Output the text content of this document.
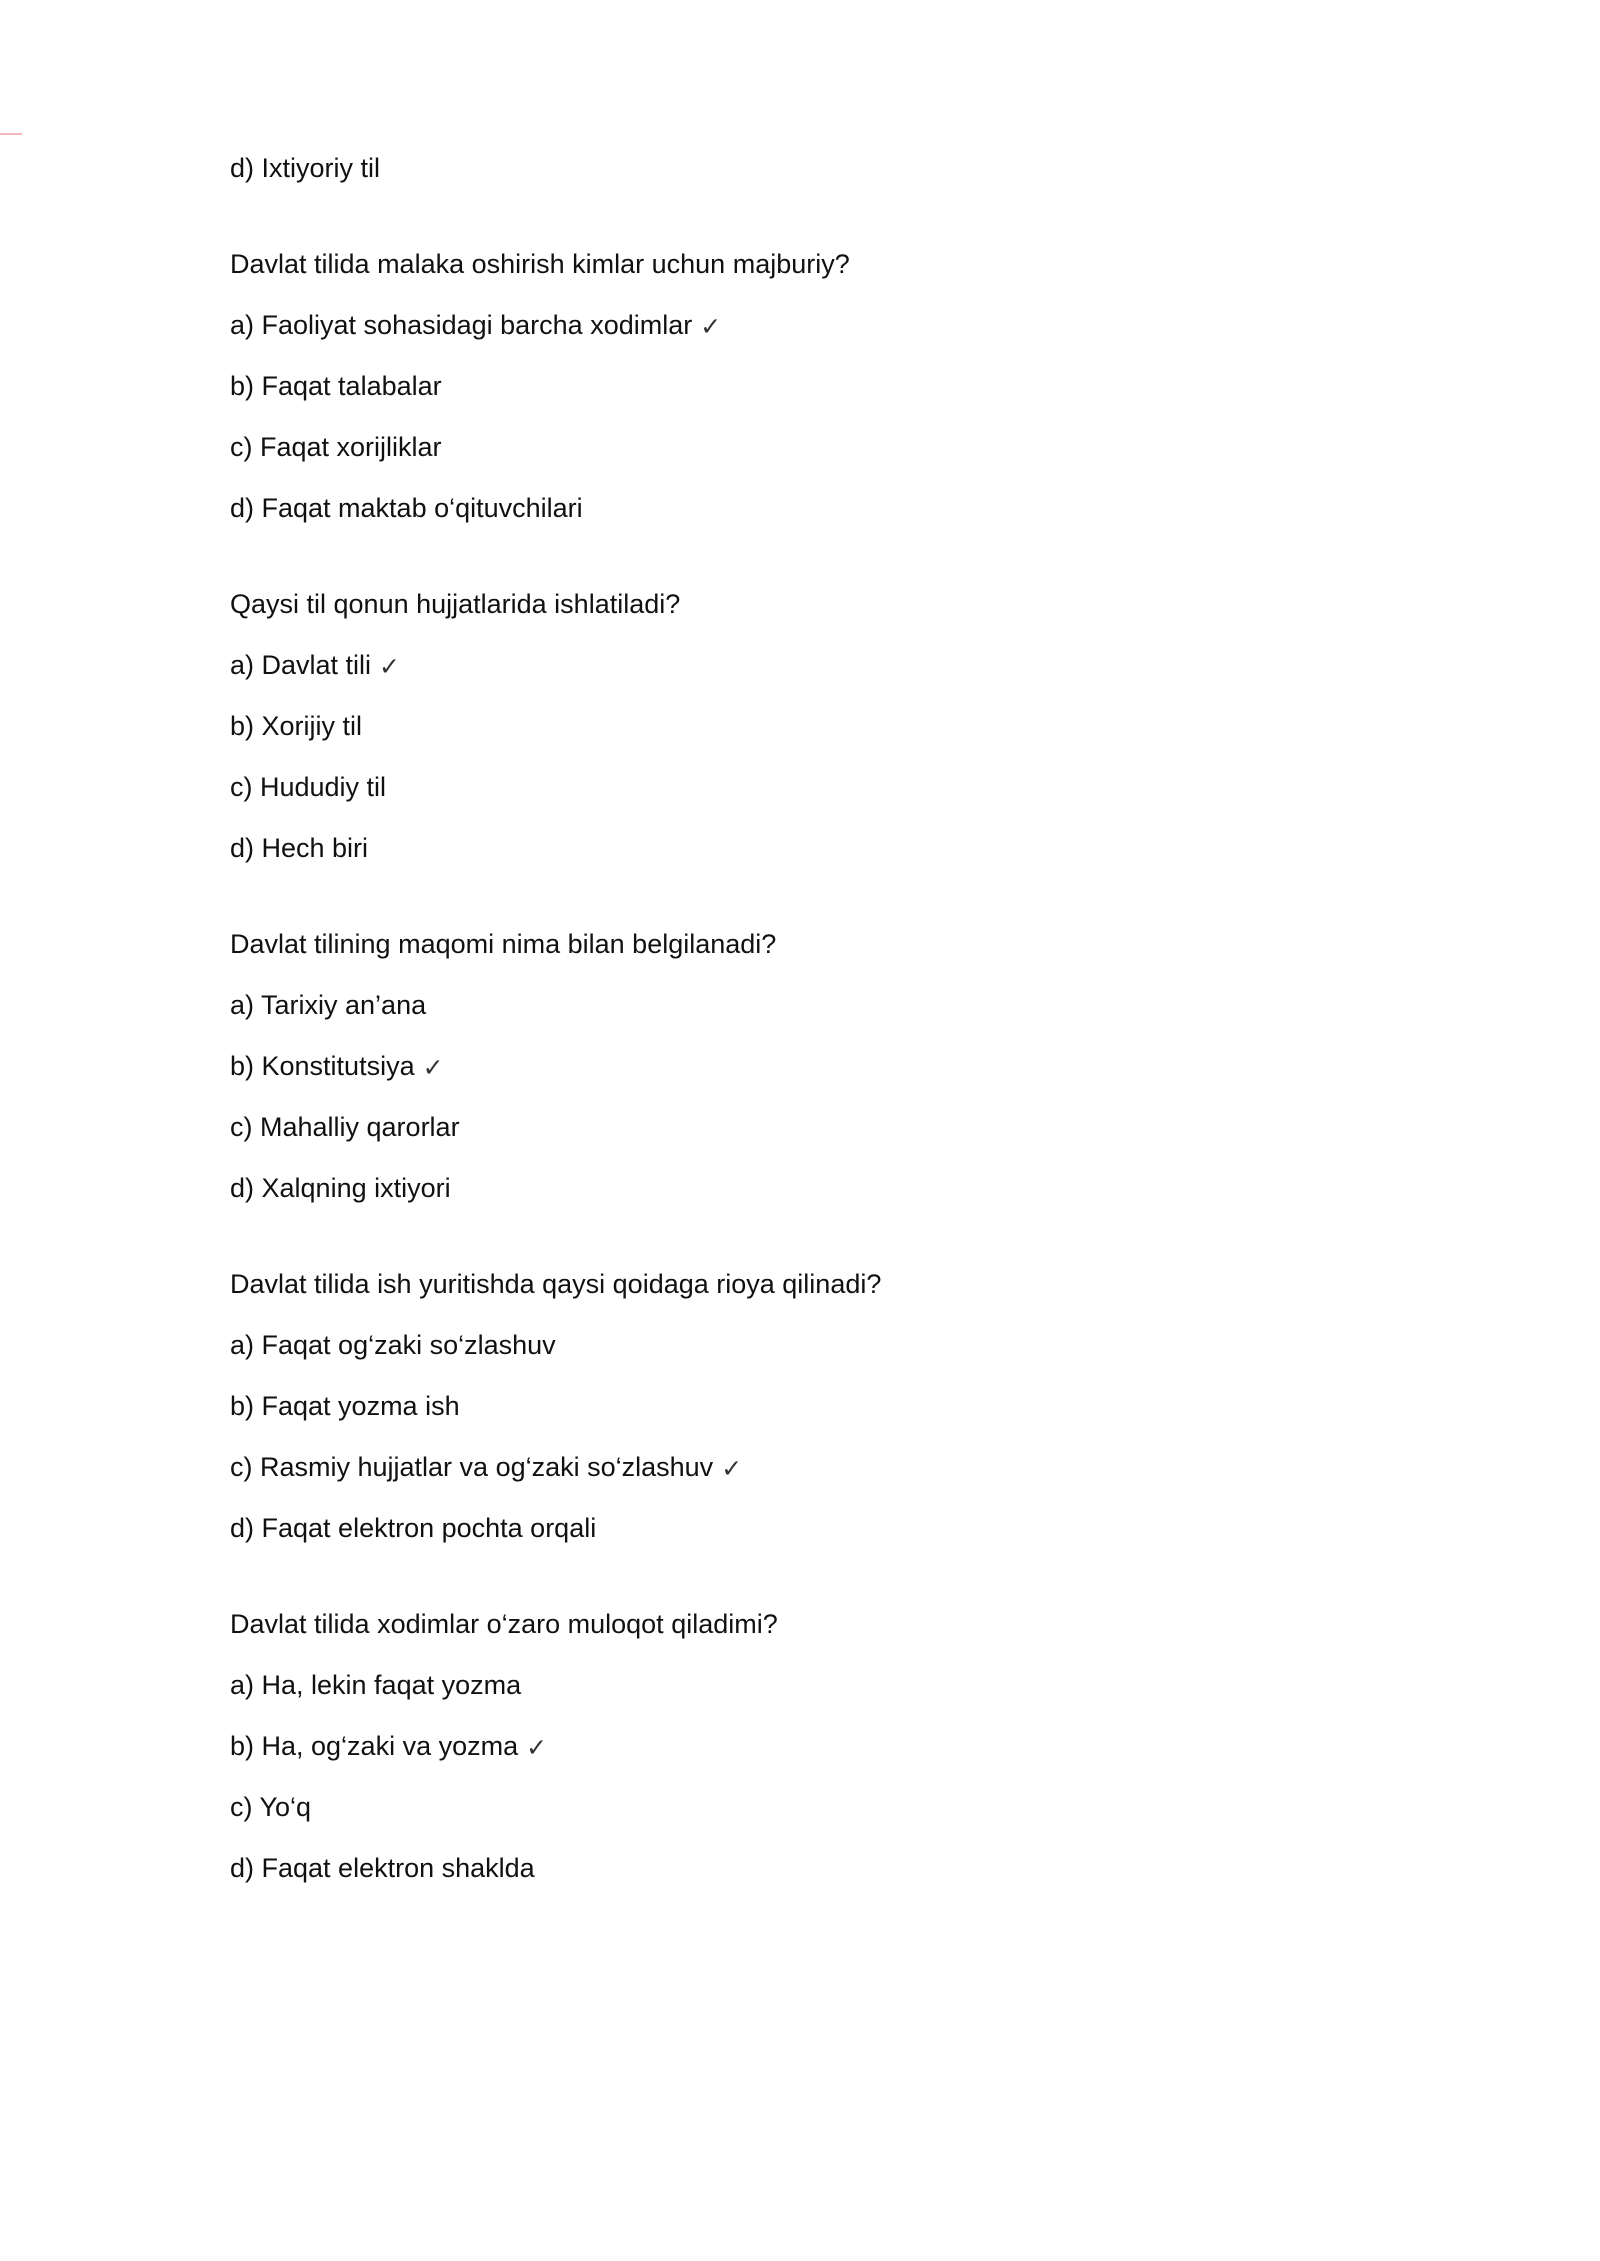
d) Ixtiyoriy til
Davlat tilida malaka oshirish kimlar uchun majburiy?
a) Faoliyat sohasidagi barcha xodimlar ✓
b) Faqat talabalar
c) Faqat xorijliklar
d) Faqat maktab o‘qituvchilari
Qaysi til qonun hujjatlarida ishlatiladi?
a) Davlat tili ✓
b) Xorijiy til
c) Hududiy til
d) Hech biri
Davlat tilining maqomi nima bilan belgilanadi?
a) Tarixiy an’ana
b) Konstitutsiya ✓
c) Mahalliy qarorlar
d) Xalqning ixtiyori
Davlat tilida ish yuritishda qaysi qoidaga rioya qilinadi?
a) Faqat og‘zaki so‘zlashuv
b) Faqat yozma ish
c) Rasmiy hujjatlar va og‘zaki so‘zlashuv ✓
d) Faqat elektron pochta orqali
Davlat tilida xodimlar o‘zaro muloqot qiladimi?
a) Ha, lekin faqat yozma
b) Ha, og‘zaki va yozma ✓
c) Yo‘q
d) Faqat elektron shaklda
